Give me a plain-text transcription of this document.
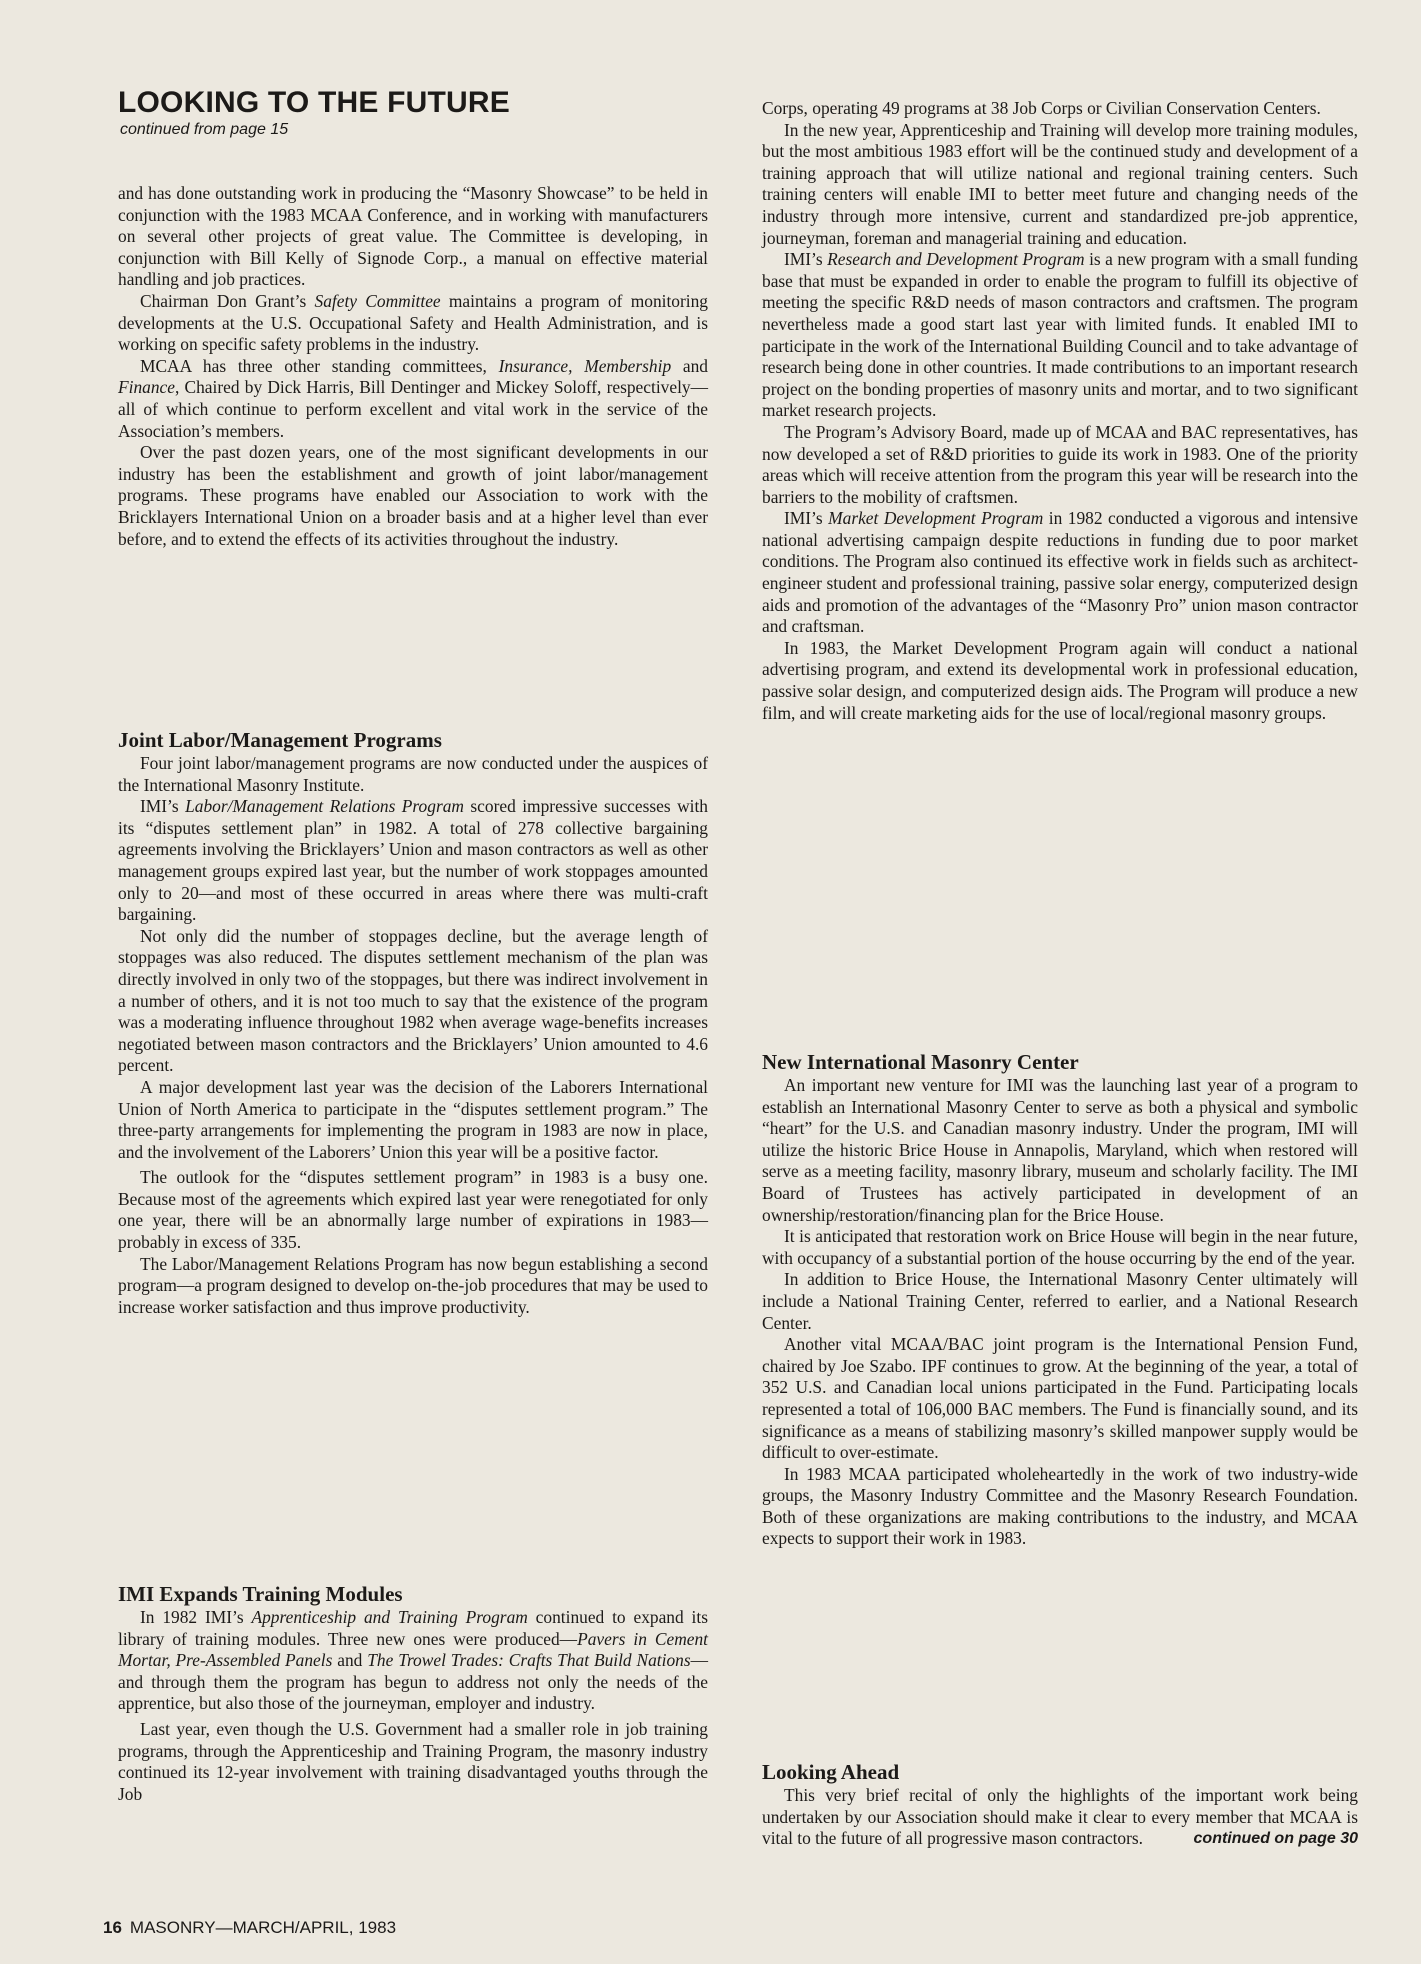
LOOKING TO THE FUTURE
continued from page 15

and has done outstanding work in producing the “Masonry Showcase” to be held in conjunction with the 1983 MCAA Conference, and in working with manufacturers on several other projects of great value. The Committee is developing, in conjunction with Bill Kelly of Signode Corp., a manual on effective material handling and job practices.

Chairman Don Grant’s Safety Committee maintains a program of monitoring developments at the U.S. Occupational Safety and Health Administration, and is working on specific safety problems in the industry.

MCAA has three other standing committees, Insurance, Membership and Finance, Chaired by Dick Harris, Bill Dentinger and Mickey Soloff, respectively—all of which continue to perform excellent and vital work in the service of the Association’s members.

Over the past dozen years, one of the most significant developments in our industry has been the establishment and growth of joint labor/management programs. These programs have enabled our Association to work with the Bricklayers International Union on a broader basis and at a higher level than ever before, and to extend the effects of its activities throughout the industry.

Joint Labor/Management Programs

Four joint labor/management programs are now conducted under the auspices of the International Masonry Institute.

IMI’s Labor/Management Relations Program scored impressive successes with its “disputes settlement plan” in 1982. A total of 278 collective bargaining agreements involving the Bricklayers’ Union and mason contractors as well as other management groups expired last year, but the number of work stoppages amounted only to 20—and most of these occurred in areas where there was multi-craft bargaining.

Not only did the number of stoppages decline, but the average length of stoppages was also reduced. The disputes settlement mechanism of the plan was directly involved in only two of the stoppages, but there was indirect involvement in a number of others, and it is not too much to say that the existence of the program was a moderating influence throughout 1982 when average wage-benefits increases negotiated between mason contractors and the Bricklayers’ Union amounted to 4.6 percent.

A major development last year was the decision of the Laborers International Union of North America to participate in the “disputes settlement program.” The three-party arrangements for implementing the program in 1983 are now in place, and the involvement of the Laborers’ Union this year will be a positive factor.

The outlook for the “disputes settlement program” in 1983 is a busy one. Because most of the agreements which expired last year were renegotiated for only one year, there will be an abnormally large number of expirations in 1983—probably in excess of 335.

The Labor/Management Relations Program has now begun establishing a second program—a program designed to develop on-the-job procedures that may be used to increase worker satisfaction and thus improve productivity.

IMI Expands Training Modules

In 1982 IMI’s Apprenticeship and Training Program continued to expand its library of training modules. Three new ones were produced—Pavers in Cement Mortar, Pre-Assembled Panels and The Trowel Trades: Crafts That Build Nations—and through them the program has begun to address not only the needs of the apprentice, but also those of the journeyman, employer and industry.

Last year, even though the U.S. Government had a smaller role in job training programs, through the Apprenticeship and Training Program, the masonry industry continued its 12-year involvement with training disadvantaged youths through the Job

Corps, operating 49 programs at 38 Job Corps or Civilian Conservation Centers.

In the new year, Apprenticeship and Training will develop more training modules, but the most ambitious 1983 effort will be the continued study and development of a training approach that will utilize national and regional training centers. Such training centers will enable IMI to better meet future and changing needs of the industry through more intensive, current and standardized pre-job apprentice, journeyman, foreman and managerial training and education.

IMI’s Research and Development Program is a new program with a small funding base that must be expanded in order to enable the program to fulfill its objective of meeting the specific R&D needs of mason contractors and craftsmen. The program nevertheless made a good start last year with limited funds. It enabled IMI to participate in the work of the International Building Council and to take advantage of research being done in other countries. It made contributions to an important research project on the bonding properties of masonry units and mortar, and to two significant market research projects.

The Program’s Advisory Board, made up of MCAA and BAC representatives, has now developed a set of R&D priorities to guide its work in 1983. One of the priority areas which will receive attention from the program this year will be research into the barriers to the mobility of craftsmen.

IMI’s Market Development Program in 1982 conducted a vigorous and intensive national advertising campaign despite reductions in funding due to poor market conditions. The Program also continued its effective work in fields such as architect-engineer student and professional training, passive solar energy, computerized design aids and promotion of the advantages of the “Masonry Pro” union mason contractor and craftsman.

In 1983, the Market Development Program again will conduct a national advertising program, and extend its developmental work in professional education, passive solar design, and computerized design aids. The Program will produce a new film, and will create marketing aids for the use of local/regional masonry groups.

New International Masonry Center

An important new venture for IMI was the launching last year of a program to establish an International Masonry Center to serve as both a physical and symbolic “heart” for the U.S. and Canadian masonry industry. Under the program, IMI will utilize the historic Brice House in Annapolis, Maryland, which when restored will serve as a meeting facility, masonry library, museum and scholarly facility. The IMI Board of Trustees has actively participated in development of an ownership/restoration/financing plan for the Brice House.

It is anticipated that restoration work on Brice House will begin in the near future, with occupancy of a substantial portion of the house occurring by the end of the year.

In addition to Brice House, the International Masonry Center ultimately will include a National Training Center, referred to earlier, and a National Research Center.

Another vital MCAA/BAC joint program is the International Pension Fund, chaired by Joe Szabo. IPF continues to grow. At the beginning of the year, a total of 352 U.S. and Canadian local unions participated in the Fund. Participating locals represented a total of 106,000 BAC members. The Fund is financially sound, and its significance as a means of stabilizing masonry’s skilled manpower supply would be difficult to over-estimate.

In 1983 MCAA participated wholeheartedly in the work of two industry-wide groups, the Masonry Industry Committee and the Masonry Research Foundation. Both of these organizations are making contributions to the industry, and MCAA expects to support their work in 1983.

Looking Ahead

This very brief recital of only the highlights of the important work being undertaken by our Association should make it clear to every member that MCAA is vital to the future of all progressive mason contractors.	continued on page 30

16 MASONRY—MARCH/APRIL, 1983
